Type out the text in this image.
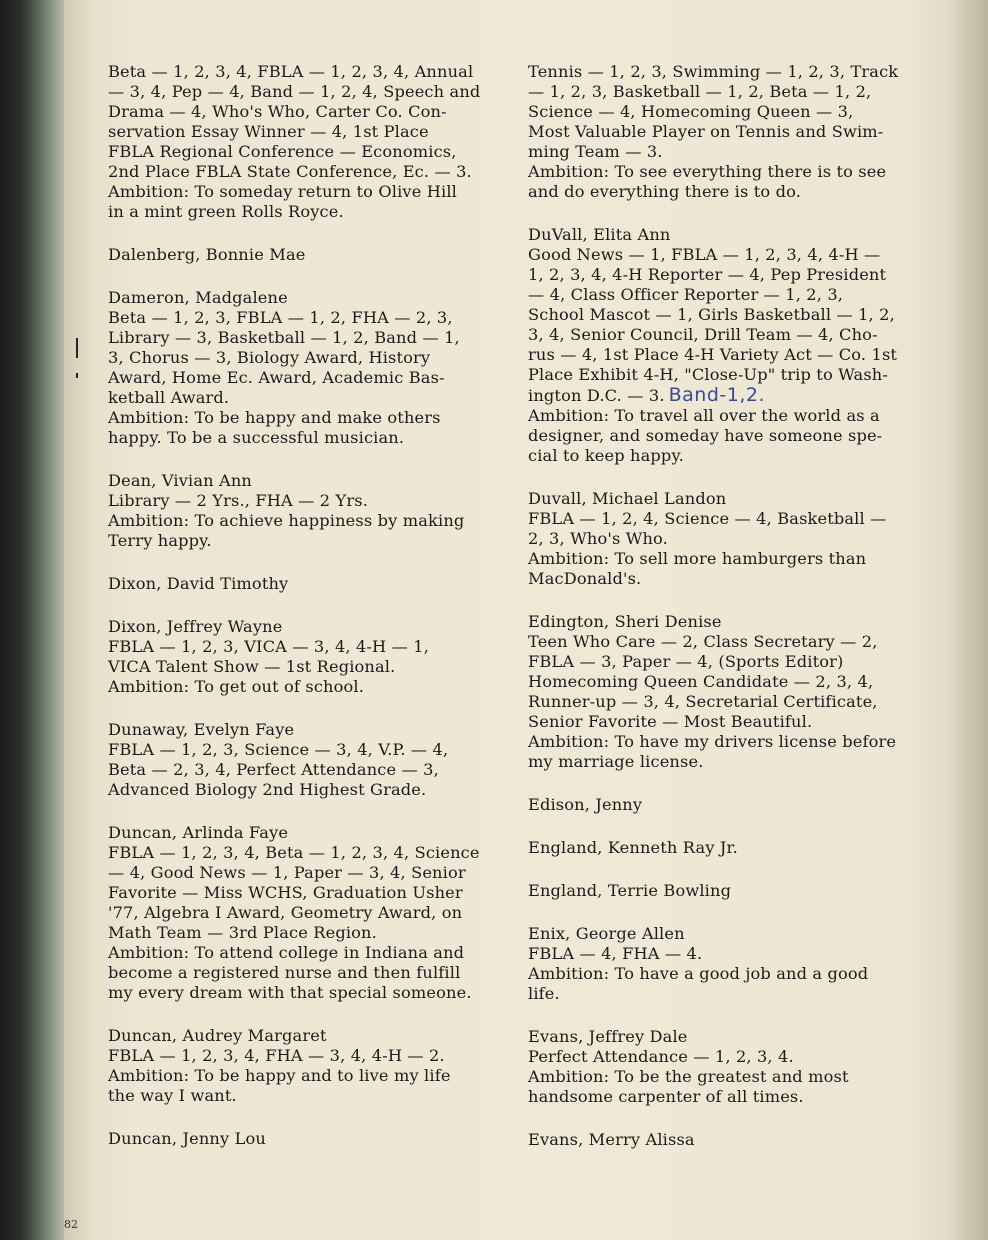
Beta — 1, 2, 3, 4, FBLA — 1, 2, 3, 4, Annual
— 3, 4, Pep — 4, Band — 1, 2, 4, Speech and
Drama — 4, Who's Who, Carter Co. Con-
servation Essay Winner — 4, 1st Place
FBLA Regional Conference — Economics,
2nd Place FBLA State Conference, Ec. — 3.
Ambition: To someday return to Olive Hill
in a mint green Rolls Royce.

Dalenberg, Bonnie Mae

Dameron, Madgalene
Beta — 1, 2, 3, FBLA — 1, 2, FHA — 2, 3,
Library — 3, Basketball — 1, 2, Band — 1,
3, Chorus — 3, Biology Award, History
Award, Home Ec. Award, Academic Bas-
ketball Award.
Ambition: To be happy and make others
happy. To be a successful musician.

Dean, Vivian Ann
Library — 2 Yrs., FHA — 2 Yrs.
Ambition: To achieve happiness by making
Terry happy.

Dixon, David Timothy

Dixon, Jeffrey Wayne
FBLA — 1, 2, 3, VICA — 3, 4, 4-H — 1,
VICA Talent Show — 1st Regional.
Ambition: To get out of school.

Dunaway, Evelyn Faye
FBLA — 1, 2, 3, Science — 3, 4, V.P. — 4,
Beta — 2, 3, 4, Perfect Attendance — 3,
Advanced Biology 2nd Highest Grade.

Duncan, Arlinda Faye
FBLA — 1, 2, 3, 4, Beta — 1, 2, 3, 4, Science
— 4, Good News — 1, Paper — 3, 4, Senior
Favorite — Miss WCHS, Graduation Usher
'77, Algebra I Award, Geometry Award, on
Math Team — 3rd Place Region.
Ambition: To attend college in Indiana and
become a registered nurse and then fulfill
my every dream with that special someone.

Duncan, Audrey Margaret
FBLA — 1, 2, 3, 4, FHA — 3, 4, 4-H — 2.
Ambition: To be happy and to live my life
the way I want.

Duncan, Jenny Lou

Tennis — 1, 2, 3, Swimming — 1, 2, 3, Track
— 1, 2, 3, Basketball — 1, 2, Beta — 1, 2,
Science — 4, Homecoming Queen — 3,
Most Valuable Player on Tennis and Swim-
ming Team — 3.
Ambition: To see everything there is to see
and do everything there is to do.

DuVall, Elita Ann
Good News — 1, FBLA — 1, 2, 3, 4, 4-H —
1, 2, 3, 4, 4-H Reporter — 4, Pep President
— 4, Class Officer Reporter — 1, 2, 3,
School Mascot — 1, Girls Basketball — 1, 2,
3, 4, Senior Council, Drill Team — 4, Cho-
rus — 4, 1st Place 4-H Variety Act — Co. 1st
Place Exhibit 4-H, "Close-Up" trip to Wash-
ington D.C. — 3. Band-1,2.
Ambition: To travel all over the world as a
designer, and someday have someone spe-
cial to keep happy.

Duvall, Michael Landon
FBLA — 1, 2, 4, Science — 4, Basketball —
2, 3, Who's Who.
Ambition: To sell more hamburgers than
MacDonald's.

Edington, Sheri Denise
Teen Who Care — 2, Class Secretary — 2,
FBLA — 3, Paper — 4, (Sports Editor)
Homecoming Queen Candidate — 2, 3, 4,
Runner-up — 3, 4, Secretarial Certificate,
Senior Favorite — Most Beautiful.
Ambition: To have my drivers license before
my marriage license.

Edison, Jenny

England, Kenneth Ray Jr.

England, Terrie Bowling

Enix, George Allen
FBLA — 4, FHA — 4.
Ambition: To have a good job and a good
life.

Evans, Jeffrey Dale
Perfect Attendance — 1, 2, 3, 4.
Ambition: To be the greatest and most
handsome carpenter of all times.

Evans, Merry Alissa

82
